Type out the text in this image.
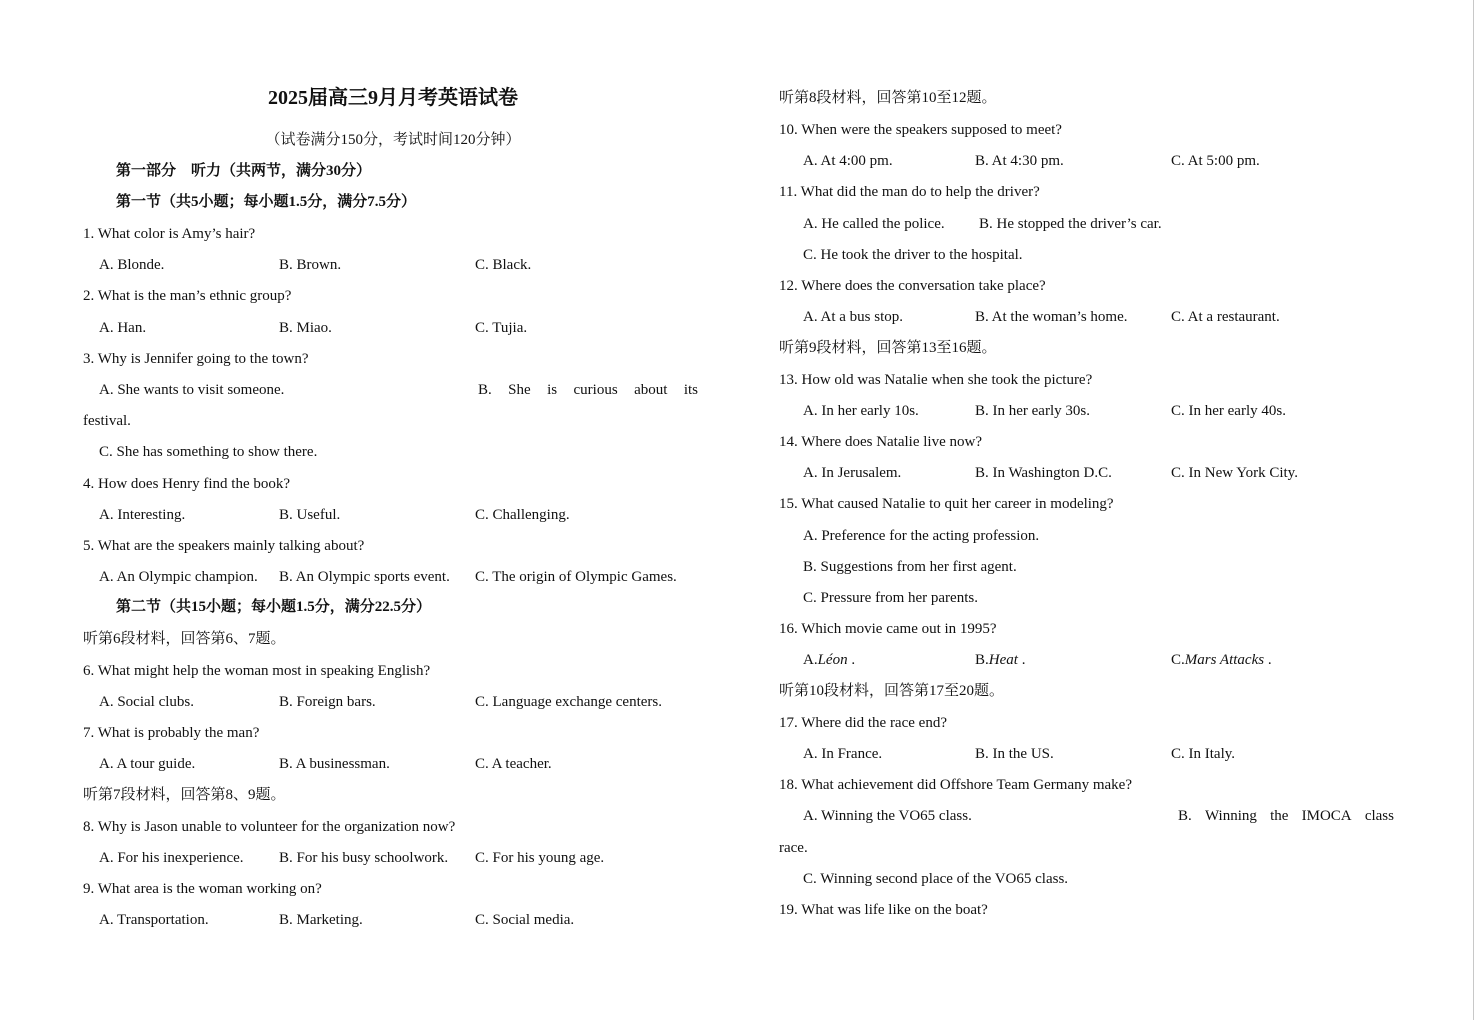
2025届高三9月月考英语试卷
（试卷满分150分，考试时间120分钟）
第一部分　听力（共两节，满分30分）
第一节（共5小题；每小题1.5分，满分7.5分）
1. What color is Amy’s hair?
A. Blonde.	B. Brown.	C. Black.
2. What is the man’s ethnic group?
A. Han.	B. Miao.	C. Tujia.
3. Why is Jennifer going to the town?
A. She wants to visit someone.	B. She is curious about its
festival.
C. She has something to show there.
4. How does Henry find the book?
A. Interesting.	B. Useful.	C. Challenging.
5. What are the speakers mainly talking about?
A. An Olympic champion. B. An Olympic sports event. C. The origin of Olympic Games.
第二节（共15小题；每小题1.5分，满分22.5分）
听第6段材料，回答第6、7题。
6. What might help the woman most in speaking English?
A. Social clubs.	B. Foreign bars.	C. Language exchange centers.
7. What is probably the man?
A. A tour guide.	B. A businessman.	C. A teacher.
听第7段材料，回答第8、9题。
8. Why is Jason unable to volunteer for the organization now?
A. For his inexperience. B. For his busy schoolwork. C. For his young age.
9. What area is the woman working on?
A. Transportation.	B. Marketing.	C. Social media.
听第8段材料，回答第10至12题。
10. When were the speakers supposed to meet?
A. At 4:00 pm.	B. At 4:30 pm.	C. At 5:00 pm.
11. What did the man do to help the driver?
A. He called the police. B. He stopped the driver’s car.
C. He took the driver to the hospital.
12. Where does the conversation take place?
A. At a bus stop.	B. At the woman’s home.	C. At a restaurant.
听第9段材料，回答第13至16题。
13. How old was Natalie when she took the picture?
A. In her early 10s.	B. In her early 30s.	C. In her early 40s.
14. Where does Natalie live now?
A. In Jerusalem.	B. In Washington D.C.	C. In New York City.
15. What caused Natalie to quit her career in modeling?
A. Preference for the acting profession.
B. Suggestions from her first agent.
C. Pressure from her parents.
16. Which movie came out in 1995?
A.Léon .	B.Heat .	C.Mars Attacks .
听第10段材料，回答第17至20题。
17. Where did the race end?
A. In France.	B. In the US.	C. In Italy.
18. What achievement did Offshore Team Germany make?
A. Winning the VO65 class.	B. Winning the IMOCA class
race.
C. Winning second place of the VO65 class.
19. What was life like on the boat?
